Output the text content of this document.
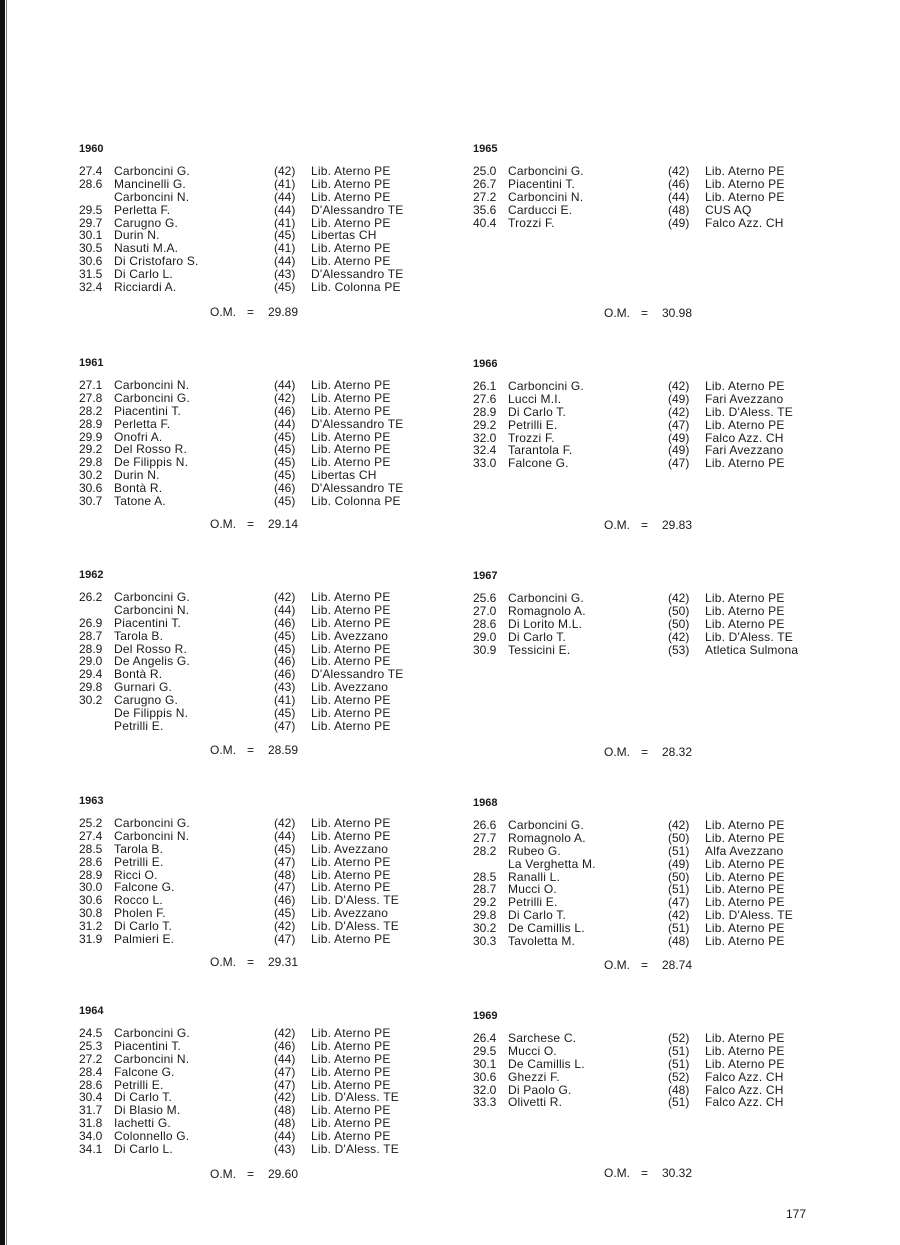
1960
27.4 Carboncini G.	(42) Lib. Aterno PE
28.6 Mancinelli G.	(41) Lib. Aterno PE
Carboncini N.	(44) Lib. Aterno PE
29.5 Perletta F.	(44) D'Alessandro TE
29.7 Carugno G.	(41) Lib. Aterno PE
30.1 Durin N.	(45) Libertas CH
30.5 Nasuti M.A.	(41) Lib. Aterno PE
30.6 Di Cristofaro S.	(44) Lib. Aterno PE
31.5 Di Carlo L.	(43) D'Alessandro TE
32.4 Ricciardi A.	(45) Lib. Colonna PE
O.M. = 29.89
1961
27.1 Carboncini N.	(44) Lib. Aterno PE
27.8 Carboncini G.	(42) Lib. Aterno PE
28.2 Piacentini T.	(46) Lib. Aterno PE
28.9 Perletta F.	(44) D'Alessandro TE
29.9 Onofri A.	(45) Lib. Aterno PE
29.2 Del Rosso R.	(45) Lib. Aterno PE
29.8 De Filippis N.	(45) Lib. Aterno PE
30.2 Durin N.	(45) Libertas CH
30.6 Bontà R.	(46) D'Alessandro TE
30.7 Tatone A.	(45) Lib. Colonna PE
O.M. = 29.14
1962
26.2 Carboncini G.	(42) Lib. Aterno PE
Carboncini N.	(44) Lib. Aterno PE
26.9 Piacentini T.	(46) Lib. Aterno PE
28.7 Tarola B.	(45) Lib. Avezzano
28.9 Del Rosso R.	(45) Lib. Aterno PE
29.0 De Angelis G.	(46) Lib. Aterno PE
29.4 Bontà R.	(46) D'Alessandro TE
29.8 Gurnari G.	(43) Lib. Avezzano
30.2 Carugno G.	(41) Lib. Aterno PE
De Filippis N.	(45) Lib. Aterno PE
Petrilli E.	(47) Lib. Aterno PE
O.M. = 28.59
1963
25.2 Carboncini G.	(42) Lib. Aterno PE
27.4 Carboncini N.	(44) Lib. Aterno PE
28.5 Tarola B.	(45) Lib. Avezzano
28.6 Petrilli E.	(47) Lib. Aterno PE
28.9 Ricci O.	(48) Lib. Aterno PE
30.0 Falcone G.	(47) Lib. Aterno PE
30.6 Rocco L.	(46) Lib. D'Aless. TE
30.8 Pholen F.	(45) Lib. Avezzano
31.2 Di Carlo T.	(42) Lib. D'Aless. TE
31.9 Palmieri E.	(47) Lib. Aterno PE
O.M. = 29.31
1964
24.5 Carboncini G.	(42) Lib. Aterno PE
25.3 Piacentini T.	(46) Lib. Aterno PE
27.2 Carboncini N.	(44) Lib. Aterno PE
28.4 Falcone G.	(47) Lib. Aterno PE
28.6 Petrilli E.	(47) Lib. Aterno PE
30.4 Di Carlo T.	(42) Lib. D'Aless. TE
31.7 Di Blasio M.	(48) Lib. Aterno PE
31.8 Iachetti G.	(48) Lib. Aterno PE
34.0 Colonnello G.	(44) Lib. Aterno PE
34.1 Di Carlo L.	(43) Lib. D'Aless. TE
O.M. = 29.60
1965
25.0 Carboncini G.	(42) Lib. Aterno PE
26.7 Piacentini T.	(46) Lib. Aterno PE
27.2 Carboncini N.	(44) Lib. Aterno PE
35.6 Carducci E.	(48) CUS AQ
40.4 Trozzi F.	(49) Falco Azz. CH
O.M. = 30.98
1966
26.1 Carboncini G.	(42) Lib. Aterno PE
27.6 Lucci M.I.	(49) Fari Avezzano
28.9 Di Carlo T.	(42) Lib. D'Aless. TE
29.2 Petrilli E.	(47) Lib. Aterno PE
32.0 Trozzi F.	(49) Falco Azz. CH
32.4 Tarantola F.	(49) Fari Avezzano
33.0 Falcone G.	(47) Lib. Aterno PE
O.M. = 29.83
1967
25.6 Carboncini G.	(42) Lib. Aterno PE
27.0 Romagnolo A.	(50) Lib. Aterno PE
28.6 Di Lorito M.L.	(50) Lib. Aterno PE
29.0 Di Carlo T.	(42) Lib. D'Aless. TE
30.9 Tessicini E.	(53) Atletica Sulmona
O.M. = 28.32
1968
26.6 Carboncini G.	(42) Lib. Aterno PE
27.7 Romagnolo A.	(50) Lib. Aterno PE
28.2 Rubeo G.	(51) Alfa Avezzano
La Verghetta M.	(49) Lib. Aterno PE
28.5 Ranalli L.	(50) Lib. Aterno PE
28.7 Mucci O.	(51) Lib. Aterno PE
29.2 Petrilli E.	(47) Lib. Aterno PE
29.8 Di Carlo T.	(42) Lib. D'Aless. TE
30.2 De Camillis L.	(51) Lib. Aterno PE
30.3 Tavoletta M.	(48) Lib. Aterno PE
O.M. = 28.74
1969
26.4 Sarchese C.	(52) Lib. Aterno PE
29.5 Mucci O.	(51) Lib. Aterno PE
30.1 De Camillis L.	(51) Lib. Aterno PE
30.6 Ghezzi F.	(52) Falco Azz. CH
32.0 Di Paolo G.	(48) Falco Azz. CH
33.3 Olivetti R.	(51) Falco Azz. CH
O.M. = 30.32
177
